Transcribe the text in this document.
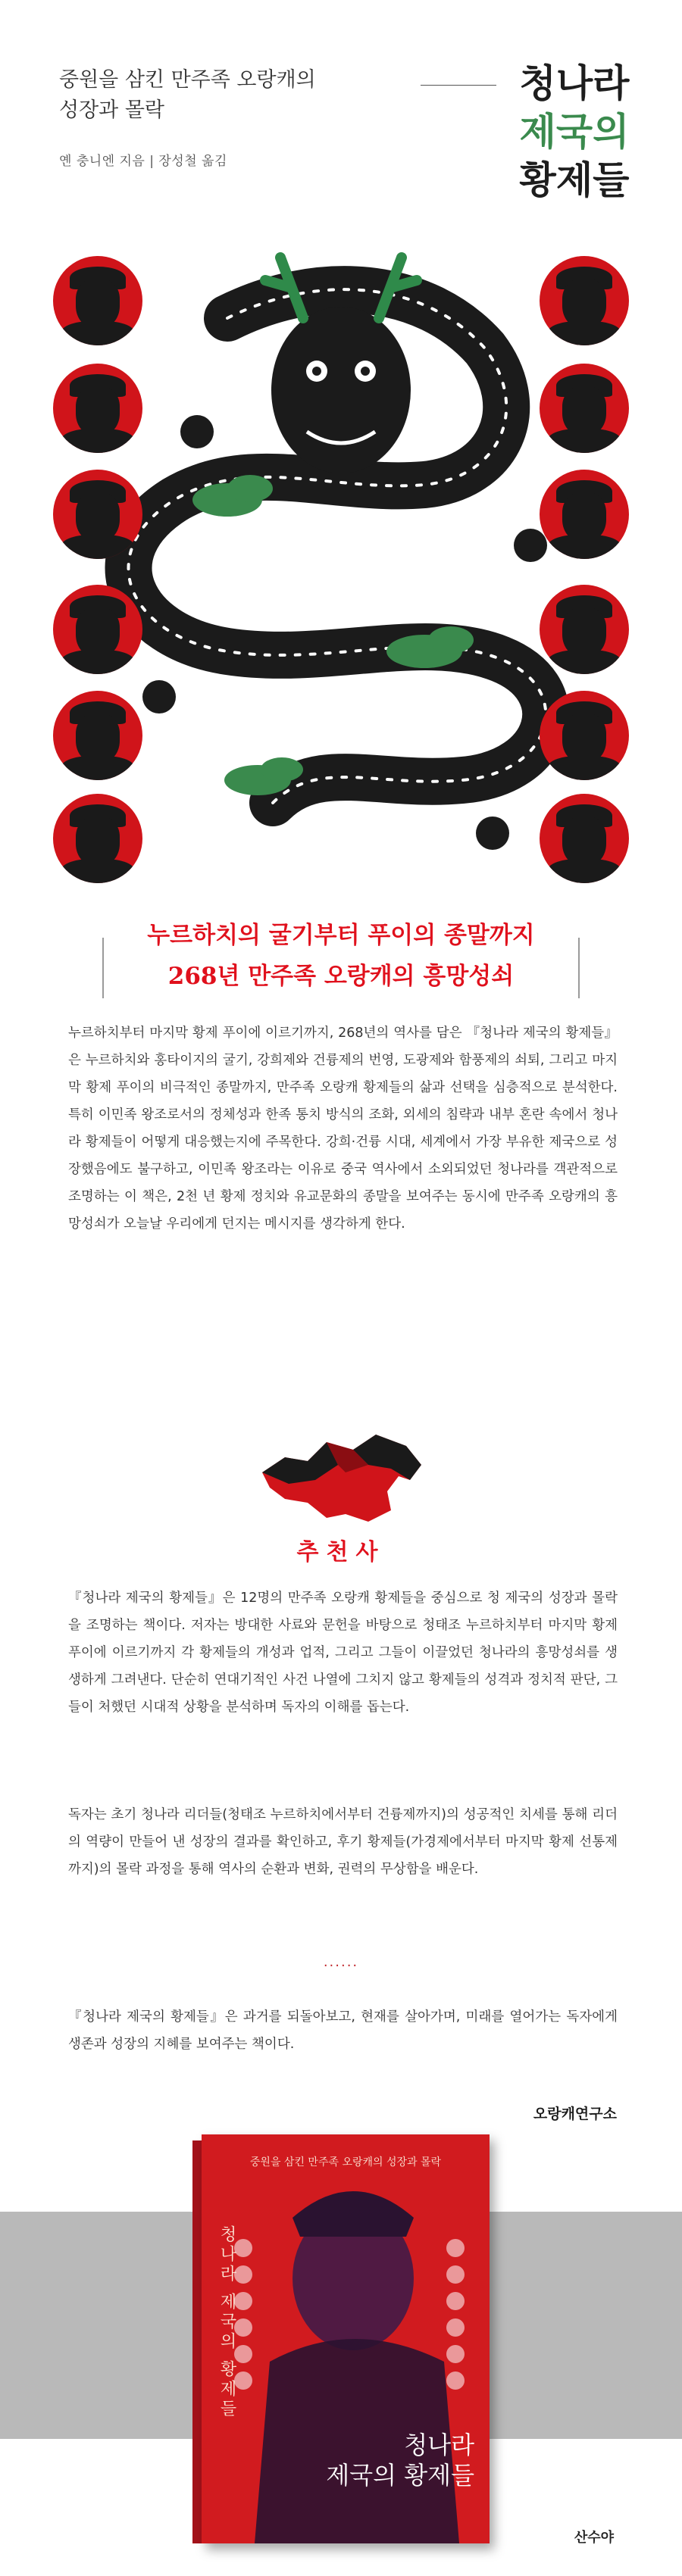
중원을 삼킨 만주족 오랑캐의
성장과 몰락
옌 충니엔 지음 | 장성철 옮김
청나라
제국의
황제들
누르하치의 굴기부터 푸이의 종말까지
268년 만주족 오랑캐의 흥망성쇠
누르하치부터 마지막 황제 푸이에 이르기까지, 268년의 역사를 담은 『청나라 제국의 황제들』은 누르하치와 홍타이지의 굴기, 강희제와 건륭제의 번영, 도광제와 함풍제의 쇠퇴, 그리고 마지막 황제 푸이의 비극적인 종말까지, 만주족 오랑캐 황제들의 삶과 선택을 심층적으로 분석한다. 특히 이민족 왕조로서의 정체성과 한족 통치 방식의 조화, 외세의 침략과 내부 혼란 속에서 청나라 황제들이 어떻게 대응했는지에 주목한다. 강희·건륭 시대, 세계에서 가장 부유한 제국으로 성장했음에도 불구하고, 이민족 왕조라는 이유로 중국 역사에서 소외되었던 청나라를 객관적으로 조명하는 이 책은, 2천 년 황제 정치와 유교문화의 종말을 보여주는 동시에 만주족 오랑캐의 흥망성쇠가 오늘날 우리에게 던지는 메시지를 생각하게 한다.
추천사
『청나라 제국의 황제들』은 12명의 만주족 오랑캐 황제들을 중심으로 청 제국의 성장과 몰락을 조명하는 책이다. 저자는 방대한 사료와 문헌을 바탕으로 청태조 누르하치부터 마지막 황제 푸이에 이르기까지 각 황제들의 개성과 업적, 그리고 그들이 이끌었던 청나라의 흥망성쇠를 생생하게 그려낸다. 단순히 연대기적인 사건 나열에 그치지 않고 황제들의 성격과 정치적 판단, 그들이 처했던 시대적 상황을 분석하며 독자의 이해를 돕는다.
독자는 초기 청나라 리더들(청태조 누르하치에서부터 건륭제까지)의 성공적인 치세를 통해 리더의 역량이 만들어 낸 성장의 결과를 확인하고, 후기 황제들(가경제에서부터 마지막 황제 선통제까지)의 몰락 과정을 통해 역사의 순환과 변화, 권력의 무상함을 배운다.
......
『청나라 제국의 황제들』은 과거를 되돌아보고, 현재를 살아가며, 미래를 열어가는 독자에게 생존과 성장의 지혜를 보여주는 책이다.
오랑캐연구소
중원을 삼킨 만주족 오랑캐의 성장과 몰락
청나라 제국의 황제들
청나라
제국의 황제들
산수야
